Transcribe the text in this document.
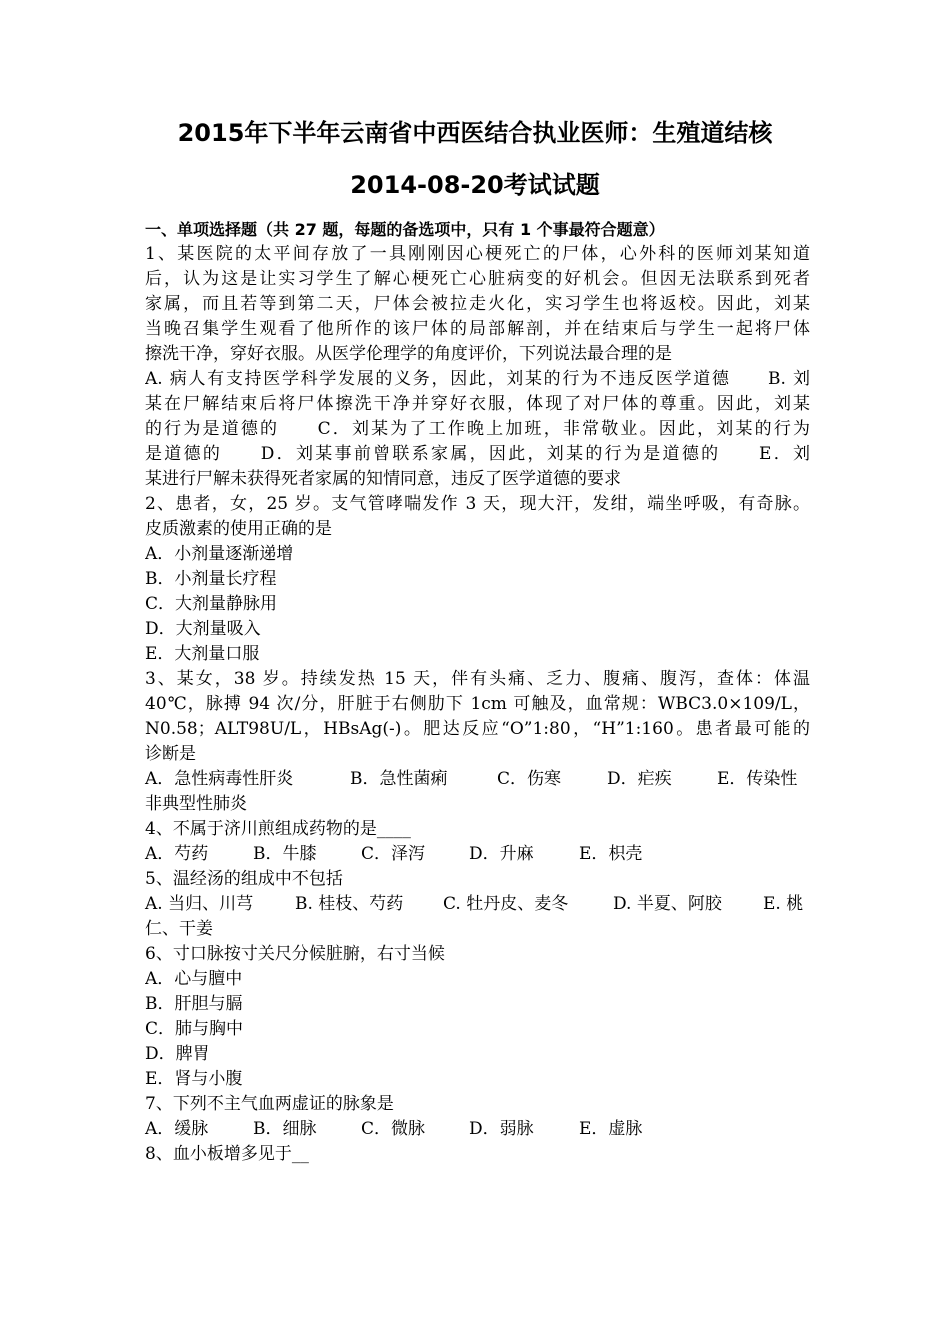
2015年下半年云南省中西医结合执业医师：生殖道结核
2014-08-20考试试题
一、单项选择题（共 27 题，每题的备选项中，只有 1 个事最符合题意）
1、某医院的太平间存放了一具刚刚因心梗死亡的尸体，心外科的医师刘某知道
后，认为这是让实习学生了解心梗死亡心脏病变的好机会。但因无法联系到死者
家属，而且若等到第二天，尸体会被拉走火化，实习学生也将返校。因此，刘某
当晚召集学生观看了他所作的该尸体的局部解剖，并在结束后与学生一起将尸体
擦洗干净，穿好衣服。从医学伦理学的角度评价，下列说法最合理的是
A. 病人有支持医学科学发展的义务，因此，刘某的行为不违反医学道德　　B. 刘
某在尸解结束后将尸体擦洗干净并穿好衣服，体现了对尸体的尊重。因此，刘某
的行为是道德的　　C．刘某为了工作晚上加班，非常敬业。因此，刘某的行为
是道德的　　D．刘某事前曾联系家属，因此，刘某的行为是道德的　　E．刘
某进行尸解未获得死者家属的知情同意，违反了医学道德的要求
2、患者，女，25 岁。支气管哮喘发作 3 天，现大汗，发绀，端坐呼吸，有奇脉。
皮质激素的使用正确的是
A．小剂量逐渐递增
B．小剂量长疗程
C．大剂量静脉用
D．大剂量吸入
E．大剂量口服
3、某女，38 岁。持续发热 15 天，伴有头痛、乏力、腹痛、腹泻，查体：体温
40℃，脉搏 94 次/分，肝脏于右侧肋下 1cm 可触及，血常规：WBC3.0×109/L，
N0.58；ALT98U/L，HBsAg(-)。肥达反应“O”1:80，“H”1:160。患者最可能的
诊断是
A．急性病毒性肝炎	B．急性菌痢	C．伤寒	D．疟疾	E．传染性
非典型性肺炎
4、不属于济川煎组成药物的是____
A．芍药	B．牛膝	C．泽泻	D．升麻	E．枳壳
5、温经汤的组成中不包括
A. 当归、川芎 B. 桂枝、芍药 C. 牡丹皮、麦冬	D. 半夏、阿胶 E. 桃
仁、干姜
6、寸口脉按寸关尺分候脏腑，右寸当候
A．心与膻中
B．肝胆与膈
C．肺与胸中
D．脾胃
E．肾与小腹
7、下列不主气血两虚证的脉象是
A．缓脉	B．细脉	C．微脉	D．弱脉	E．虚脉
8、血小板增多见于__
